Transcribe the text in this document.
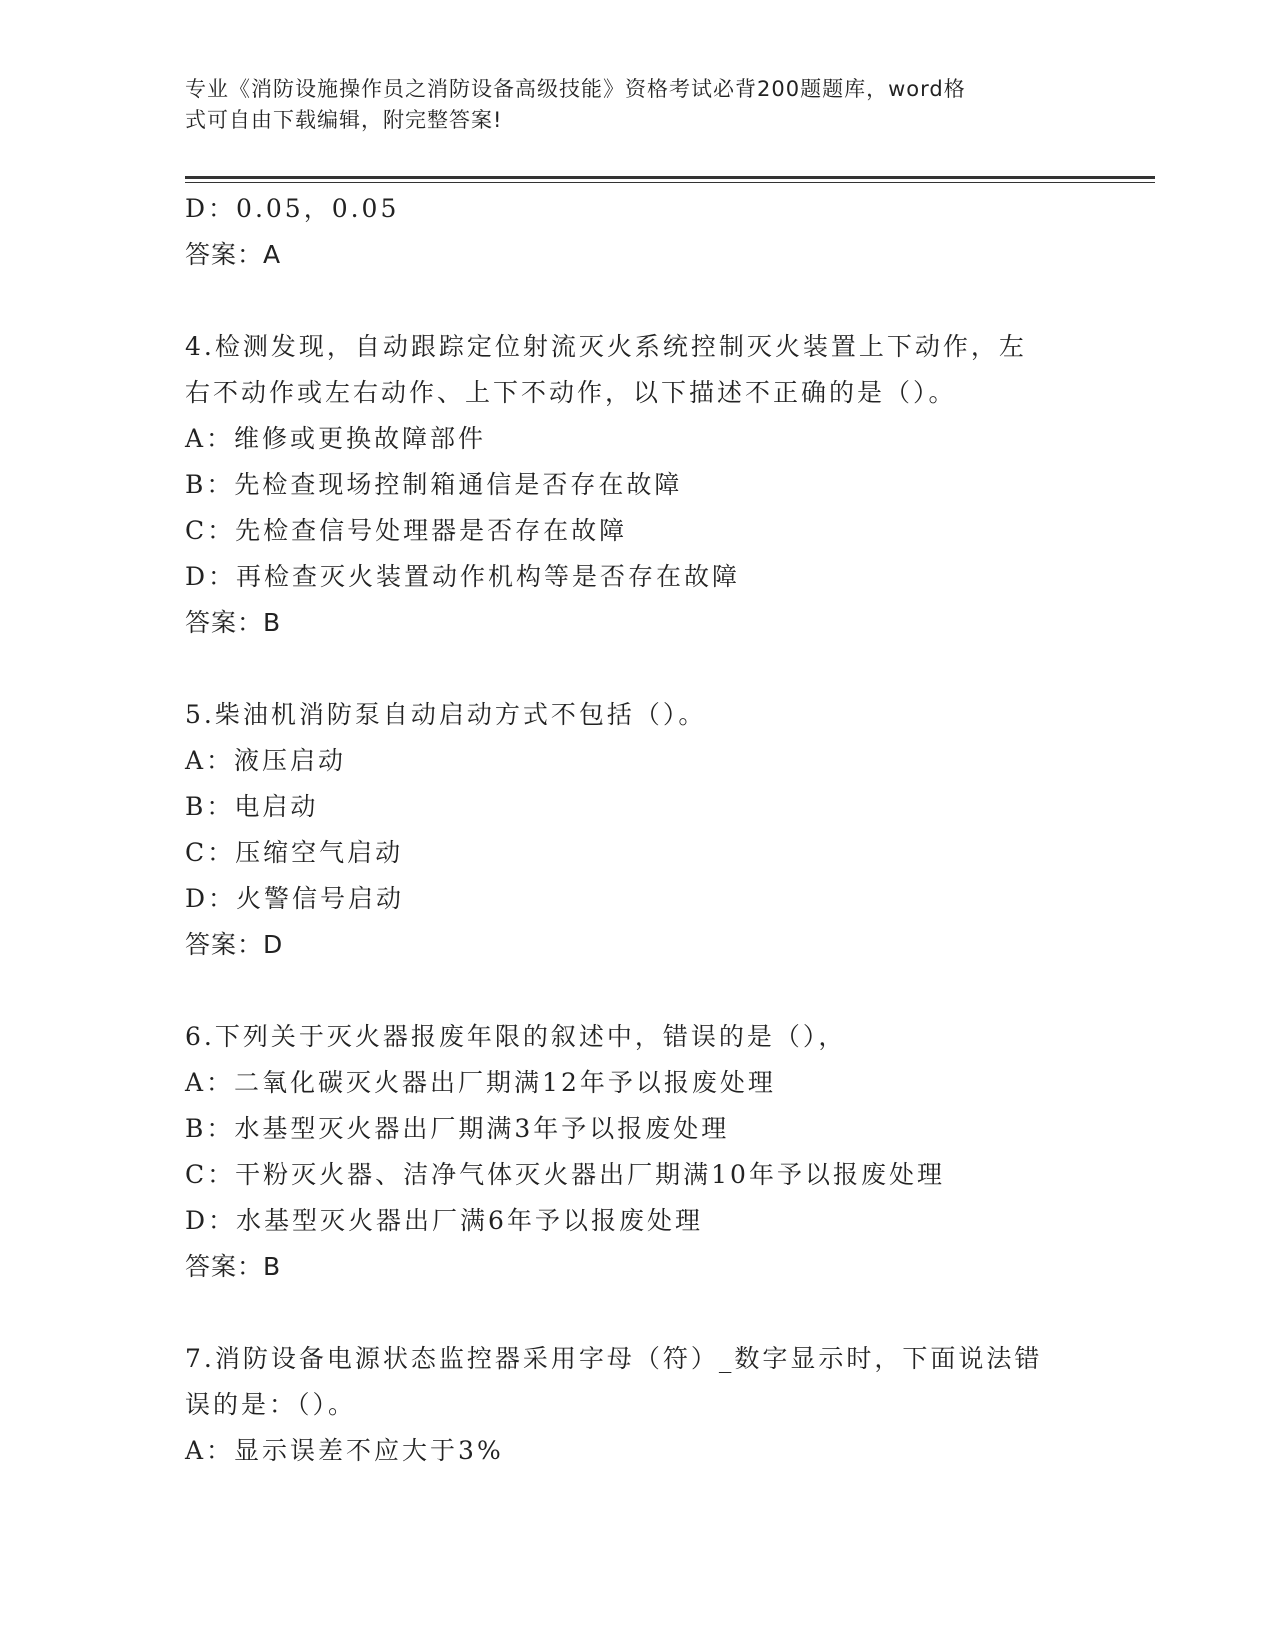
专业《消防设施操作员之消防设备高级技能》资格考试必背200题题库，word格
式可自由下载编辑，附完整答案!
D：0.05，0.05
答案：A
4.检测发现，自动跟踪定位射流灭火系统控制灭火装置上下动作，左
右不动作或左右动作、上下不动作，以下描述不正确的是（）。
A：维修或更换故障部件
B：先检查现场控制箱通信是否存在故障
C：先检查信号处理器是否存在故障
D：再检查灭火装置动作机构等是否存在故障
答案：B
5.柴油机消防泵自动启动方式不包括（）。
A：液压启动
B：电启动
C：压缩空气启动
D：火警信号启动
答案：D
6.下列关于灭火器报废年限的叙述中，错误的是（），
A：二氧化碳灭火器出厂期满12年予以报废处理
B：水基型灭火器出厂期满3年予以报废处理
C：干粉灭火器、洁净气体灭火器出厂期满10年予以报废处理
D：水基型灭火器出厂满6年予以报废处理
答案：B
7.消防设备电源状态监控器采用字母（符）_数字显示时，下面说法错
误的是：（）。
A：显示误差不应大于3%
